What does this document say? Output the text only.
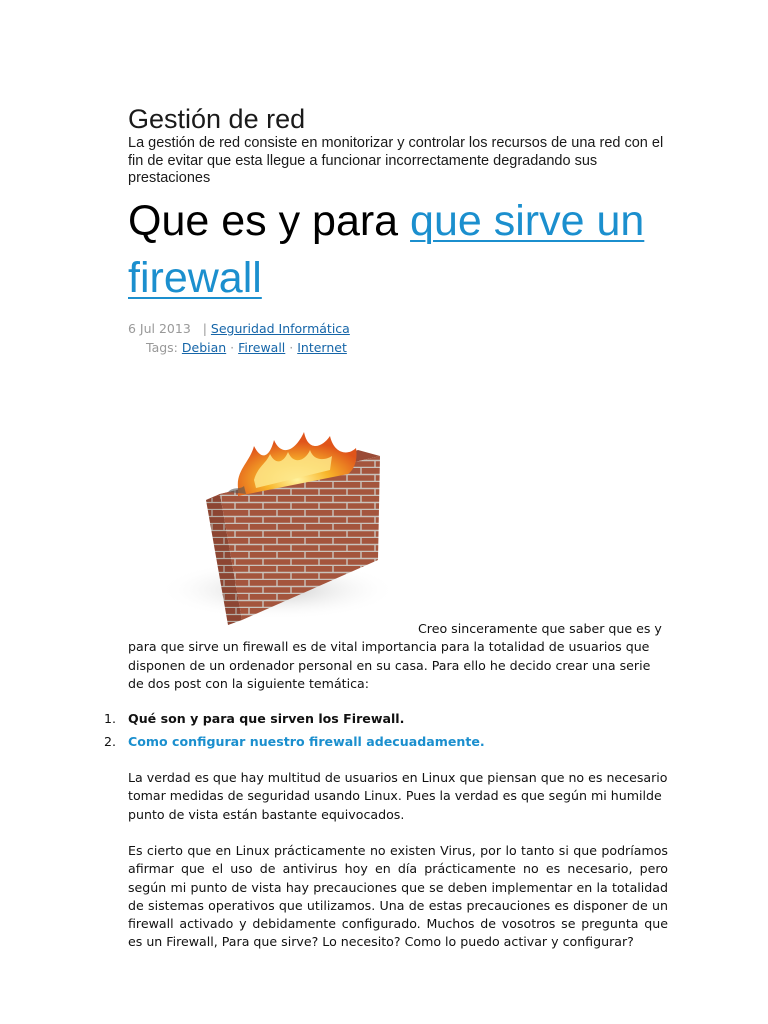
Gestión de red

La gestión de red consiste en monitorizar y controlar los recursos de una red con el fin de evitar que esta llegue a funcionar incorrectamente degradando sus prestaciones

Que es y para que sirve un firewall
6 Jul 2013 | Seguridad Informática
Tags: Debian · Firewall · Internet

Creo sinceramente que saber que es y para que sirve un firewall es de vital importancia para la totalidad de usuarios que disponen de un ordenador personal en su casa. Para ello he decido crear una serie de dos post con la siguiente temática:

1. Qué son y para que sirven los Firewall.
2. Como configurar nuestro firewall adecuadamente.

La verdad es que hay multitud de usuarios en Linux que piensan que no es necesario tomar medidas de seguridad usando Linux. Pues la verdad es que según mi humilde punto de vista están bastante equivocados.

Es cierto que en Linux prácticamente no existen Virus, por lo tanto si que podríamos afirmar que el uso de antivirus hoy en día prácticamente no es necesario, pero según mi punto de vista hay precauciones que se deben implementar en la totalidad de sistemas operativos que utilizamos. Una de estas precauciones es disponer de un firewall activado y debidamente configurado. Muchos de vosotros se pregunta que es un Firewall, Para que sirve? Lo necesito? Como lo puedo activar y configurar?
